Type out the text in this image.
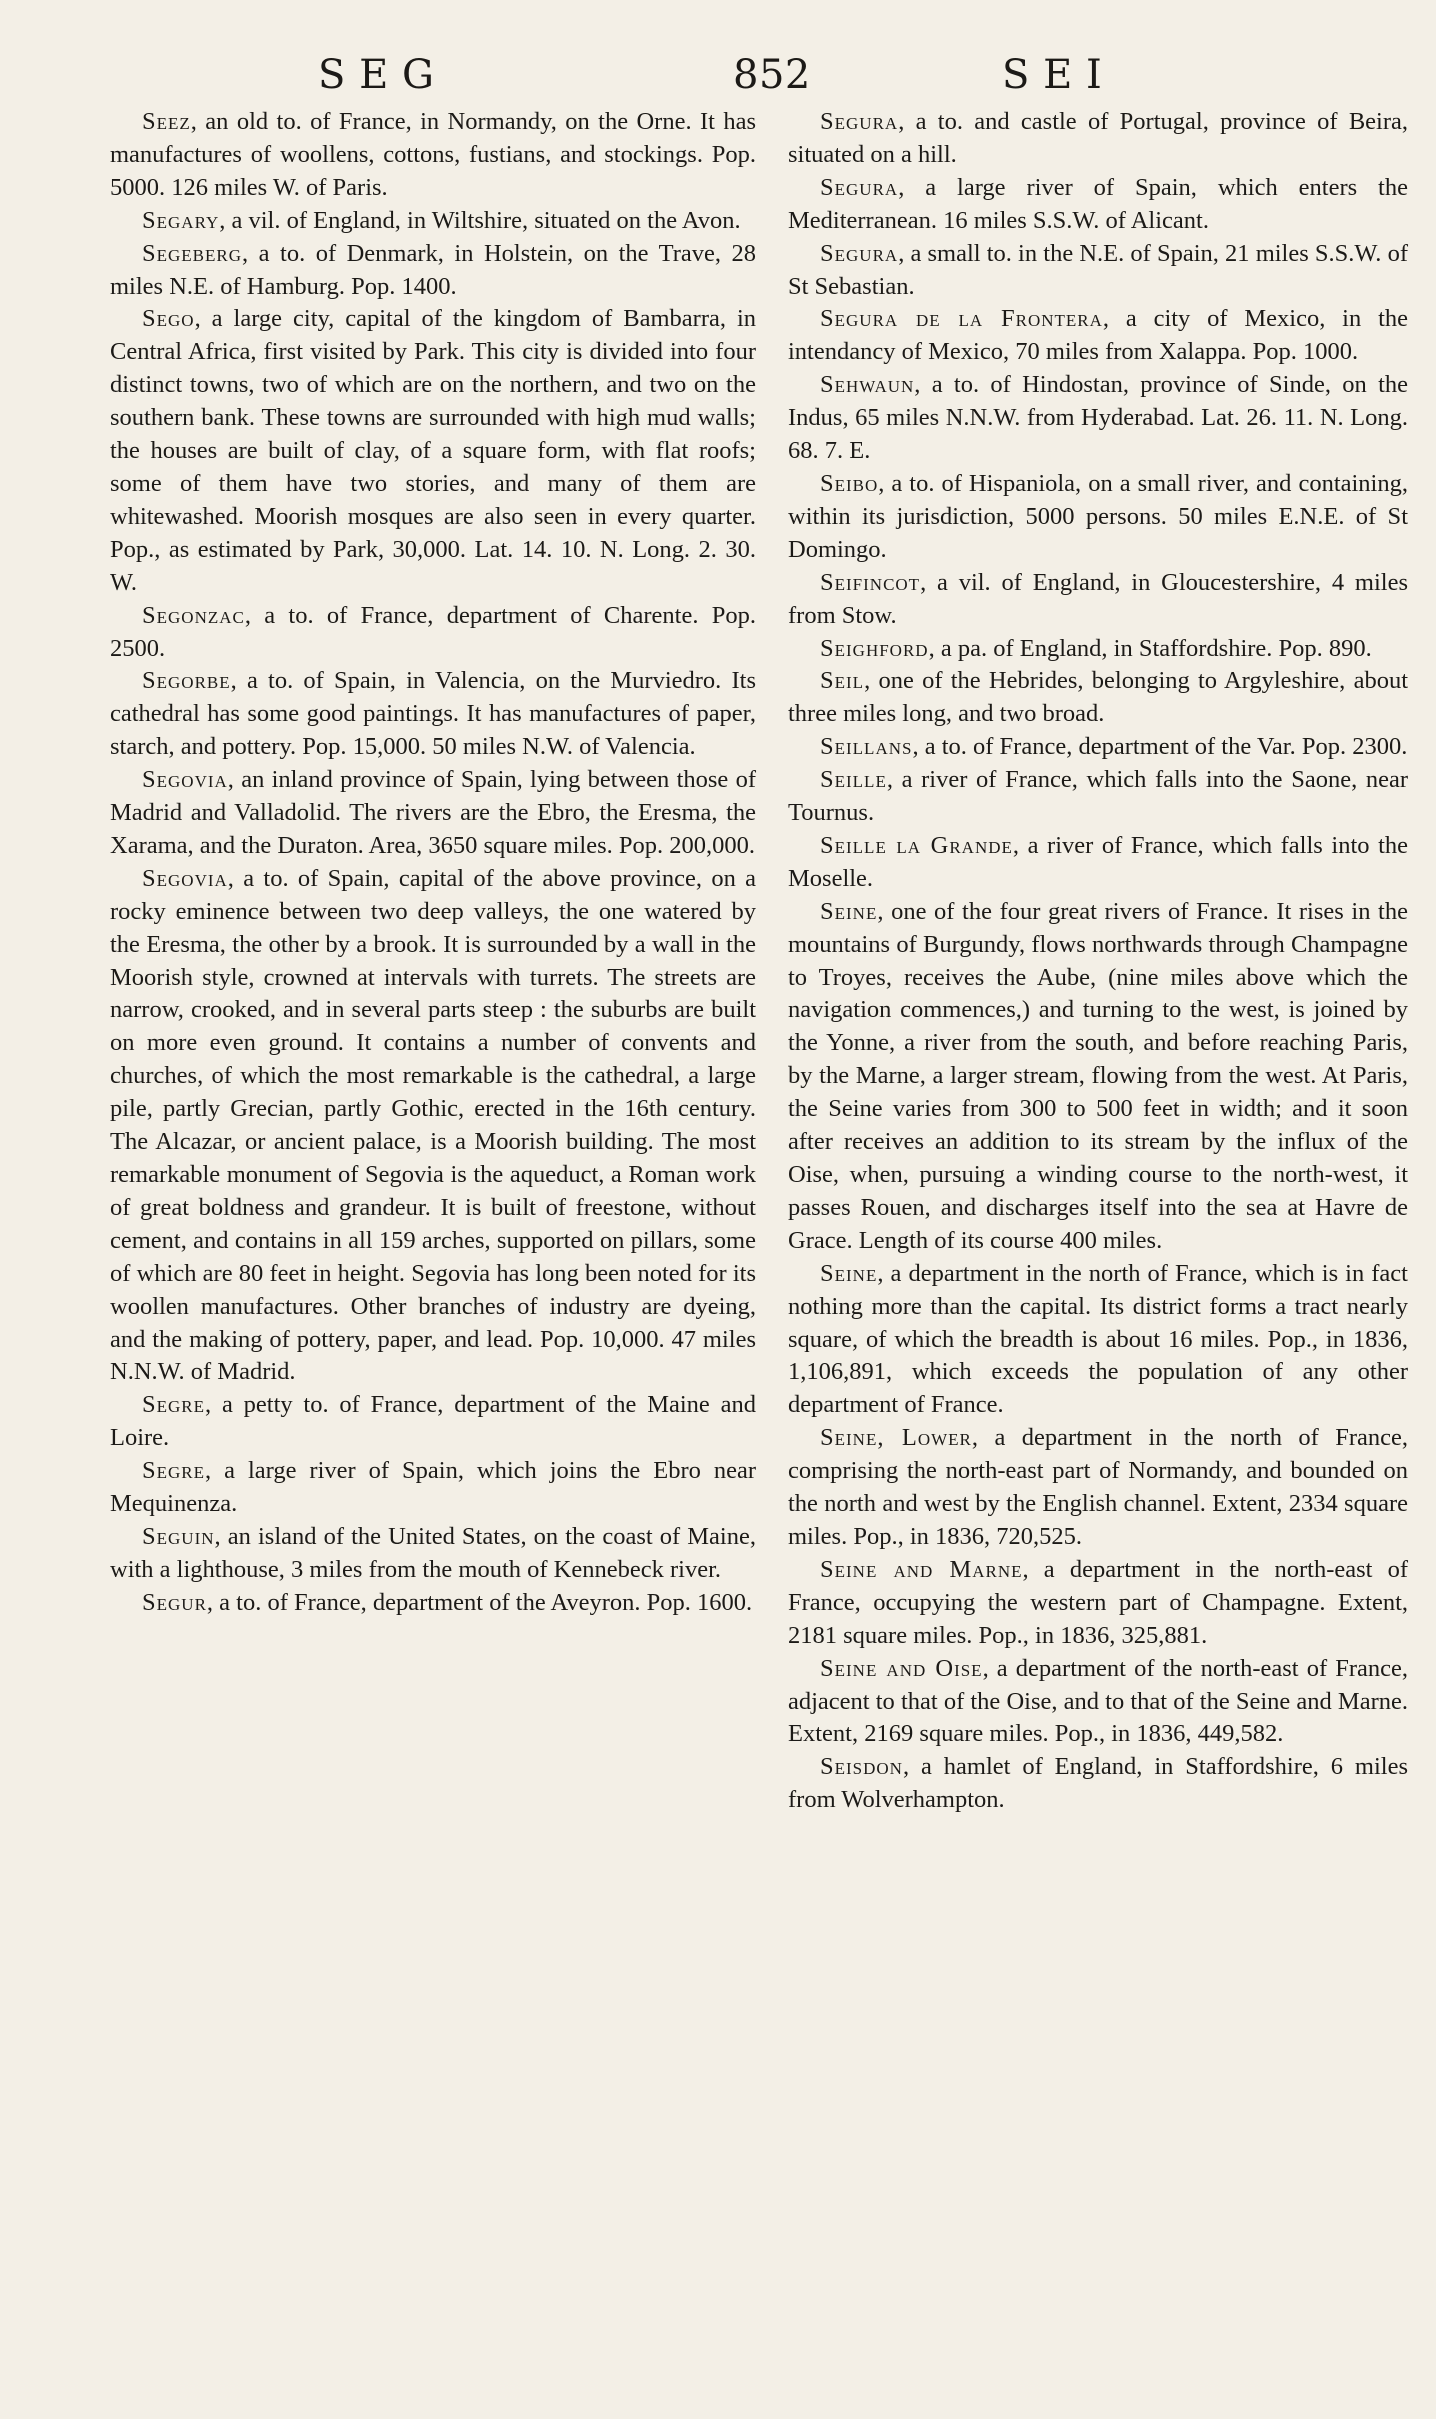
S E G	852	S E I

Seez, an old to. of France, in Normandy, on the Orne. It has manufactures of woollens, cottons, fustians, and stockings. Pop. 5000. 126 miles W. of Paris.

Segary, a vil. of England, in Wiltshire, situated on the Avon.

Segeberg, a to. of Denmark, in Holstein, on the Trave, 28 miles N.E. of Hamburg. Pop. 1400.

Sego, a large city, capital of the kingdom of Bambarra, in Central Africa, first visited by Park. This city is divided into four distinct towns, two of which are on the northern, and two on the southern bank. These towns are surrounded with high mud walls; the houses are built of clay, of a square form, with flat roofs; some of them have two stories, and many of them are whitewashed. Moorish mosques are also seen in every quarter. Pop., as estimated by Park, 30,000. Lat. 14. 10. N. Long. 2. 30. W.

Segonzac, a to. of France, department of Charente. Pop. 2500.

Segorbe, a to. of Spain, in Valencia, on the Murviedro. Its cathedral has some good paintings. It has manufactures of paper, starch, and pottery. Pop. 15,000. 50 miles N.W. of Valencia.

Segovia, an inland province of Spain, lying between those of Madrid and Valladolid. The rivers are the Ebro, the Eresma, the Xarama, and the Duraton. Area, 3650 square miles. Pop. 200,000.

Segovia, a to. of Spain, capital of the above province, on a rocky eminence between two deep valleys, the one watered by the Eresma, the other by a brook. It is surrounded by a wall in the Moorish style, crowned at intervals with turrets. The streets are narrow, crooked, and in several parts steep : the suburbs are built on more even ground. It contains a number of convents and churches, of which the most remarkable is the cathedral, a large pile, partly Grecian, partly Gothic, erected in the 16th century. The Alcazar, or ancient palace, is a Moorish building. The most remarkable monument of Segovia is the aqueduct, a Roman work of great boldness and grandeur. It is built of freestone, without cement, and contains in all 159 arches, supported on pillars, some of which are 80 feet in height. Segovia has long been noted for its woollen manufactures. Other branches of industry are dyeing, and the making of pottery, paper, and lead. Pop. 10,000. 47 miles N.N.W. of Madrid.

Segre, a petty to. of France, department of the Maine and Loire.

Segre, a large river of Spain, which joins the Ebro near Mequinenza.

Seguin, an island of the United States, on the coast of Maine, with a lighthouse, 3 miles from the mouth of Kennebeck river.

Segur, a to. of France, department of the Aveyron. Pop. 1600.

Segura, a to. and castle of Portugal, province of Beira, situated on a hill.

Segura, a large river of Spain, which enters the Mediterranean. 16 miles S.S.W. of Alicant.

Segura, a small to. in the N.E. of Spain, 21 miles S.S.W. of St Sebastian.

Segura de la Frontera, a city of Mexico, in the intendancy of Mexico, 70 miles from Xalappa. Pop. 1000.

Sehwaun, a to. of Hindostan, province of Sinde, on the Indus, 65 miles N.N.W. from Hyderabad. Lat. 26. 11. N. Long. 68. 7. E.

Seibo, a to. of Hispaniola, on a small river, and containing, within its jurisdiction, 5000 persons. 50 miles E.N.E. of St Domingo.

Seifincot, a vil. of England, in Gloucestershire, 4 miles from Stow.

Seighford, a pa. of England, in Staffordshire. Pop. 890.

Seil, one of the Hebrides, belonging to Argyleshire, about three miles long, and two broad.

Seillans, a to. of France, department of the Var. Pop. 2300.

Seille, a river of France, which falls into the Saone, near Tournus.

Seille la Grande, a river of France, which falls into the Moselle.

Seine, one of the four great rivers of France. It rises in the mountains of Burgundy, flows northwards through Champagne to Troyes, receives the Aube, (nine miles above which the navigation commences,) and turning to the west, is joined by the Yonne, a river from the south, and before reaching Paris, by the Marne, a larger stream, flowing from the west. At Paris, the Seine varies from 300 to 500 feet in width; and it soon after receives an addition to its stream by the influx of the Oise, when, pursuing a winding course to the north-west, it passes Rouen, and discharges itself into the sea at Havre de Grace. Length of its course 400 miles.

Seine, a department in the north of France, which is in fact nothing more than the capital. Its district forms a tract nearly square, of which the breadth is about 16 miles. Pop., in 1836, 1,106,891, which exceeds the population of any other department of France.

Seine, Lower, a department in the north of France, comprising the north-east part of Normandy, and bounded on the north and west by the English channel. Extent, 2334 square miles. Pop., in 1836, 720,525.

Seine and Marne, a department in the north-east of France, occupying the western part of Champagne. Extent, 2181 square miles. Pop., in 1836, 325,881.

Seine and Oise, a department of the north-east of France, adjacent to that of the Oise, and to that of the Seine and Marne. Extent, 2169 square miles. Pop., in 1836, 449,582.

Seisdon, a hamlet of England, in Staffordshire, 6 miles from Wolverhampton.
